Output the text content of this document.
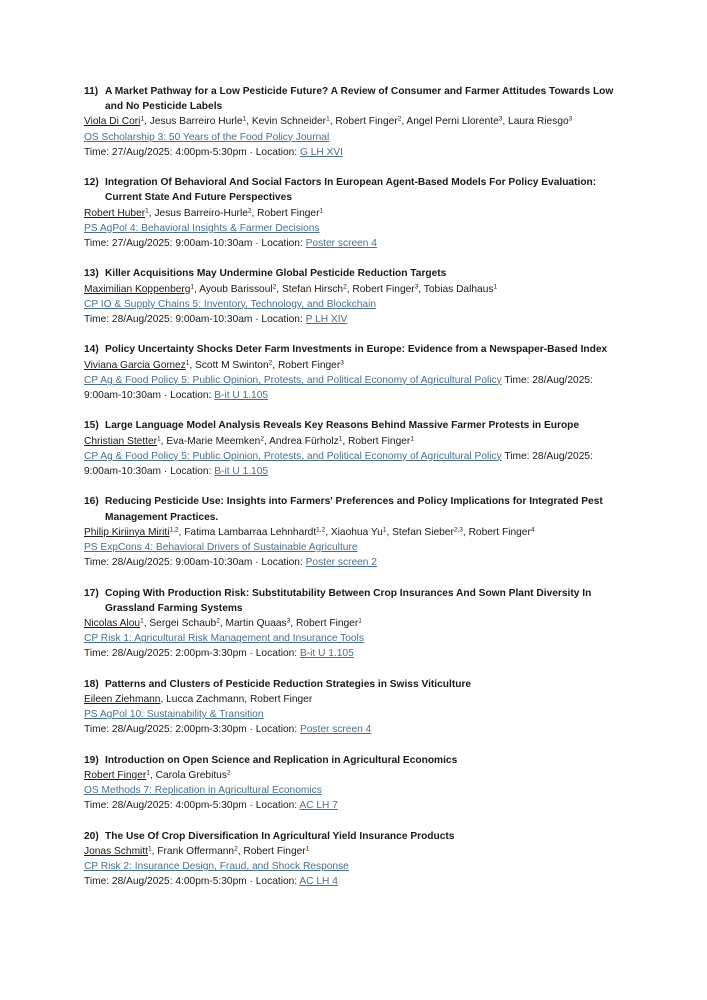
11) A Market Pathway for a Low Pesticide Future? A Review of Consumer and Farmer Attitudes Towards Low and No Pesticide Labels
Viola Di Cori$^1$, Jesus Barreiro Hurle$^1$, Kevin Schneider$^1$, Robert Finger$^2$, Angel Perni Llorente$^3$, Laura Riesgo$^3$
OS Scholarship 3: 50 Years of the Food Policy Journal
Time: 27/Aug/2025: 4:00pm-5:30pm · Location: G LH XVI
12) Integration Of Behavioral And Social Factors In European Agent-Based Models For Policy Evaluation: Current State And Future Perspectives
Robert Huber$^1$, Jesus Barreiro-Hurle$^2$, Robert Finger$^1$
PS AgPol 4: Behavioral Insights & Farmer Decisions
Time: 27/Aug/2025: 9:00am-10:30am · Location: Poster screen 4
13) Killer Acquisitions May Undermine Global Pesticide Reduction Targets
Maximilian Koppenberg$^1$, Ayoub Barissoul$^2$, Stefan Hirsch$^2$, Robert Finger$^3$, Tobias Dalhaus$^1$
CP IO & Supply Chains 5: Inventory, Technology, and Blockchain
Time: 28/Aug/2025: 9:00am-10:30am · Location: P LH XIV
14) Policy Uncertainty Shocks Deter Farm Investments in Europe: Evidence from a Newspaper-Based Index
Viviana Garcia Gomez$^1$, Scott M Swinton$^2$, Robert Finger$^3$
CP Ag & Food Policy 5: Public Opinion, Protests, and Political Economy of Agricultural Policy Time: 28/Aug/2025: 9:00am-10:30am · Location: B-it U 1.105
15) Large Language Model Analysis Reveals Key Reasons Behind Massive Farmer Protests in Europe
Christian Stetter$^1$, Eva-Marie Meemken$^2$, Andrea Fürholz$^1$, Robert Finger$^1$
CP Ag & Food Policy 5: Public Opinion, Protests, and Political Economy of Agricultural Policy Time: 28/Aug/2025: 9:00am-10:30am · Location: B-it U 1.105
16) Reducing Pesticide Use: Insights into Farmers' Preferences and Policy Implications for Integrated Pest Management Practices.
Philip Kiriinya Miriti$^{1,2}$, Fatima Lambarraa Lehnhardt$^{1,2}$, Xiaohua Yu$^1$, Stefan Sieber$^{2,3}$, Robert Finger$^4$
PS ExpCons 4: Behavioral Drivers of Sustainable Agriculture
Time: 28/Aug/2025: 9:00am-10:30am · Location: Poster screen 2
17) Coping With Production Risk: Substitutability Between Crop Insurances And Sown Plant Diversity In Grassland Farming Systems
Nicolas Alou$^1$, Sergei Schaub$^2$, Martin Quaas$^3$, Robert Finger$^1$
CP Risk 1: Agricultural Risk Management and Insurance Tools
Time: 28/Aug/2025: 2:00pm-3:30pm · Location: B-it U 1.105
18) Patterns and Clusters of Pesticide Reduction Strategies in Swiss Viticulture
Eileen Ziehmann, Lucca Zachmann, Robert Finger
PS AgPol 10: Sustainability & Transition
Time: 28/Aug/2025: 2:00pm-3:30pm · Location: Poster screen 4
19) Introduction on Open Science and Replication in Agricultural Economics
Robert Finger$^1$, Carola Grebitus$^2$
OS Methods 7: Replication in Agricultural Economics
Time: 28/Aug/2025: 4:00pm-5:30pm · Location: AC LH 7
20) The Use Of Crop Diversification In Agricultural Yield Insurance Products
Jonas Schmitt$^1$, Frank Offermann$^2$, Robert Finger$^1$
CP Risk 2: Insurance Design, Fraud, and Shock Response
Time: 28/Aug/2025: 4:00pm-5:30pm · Location: AC LH 4
